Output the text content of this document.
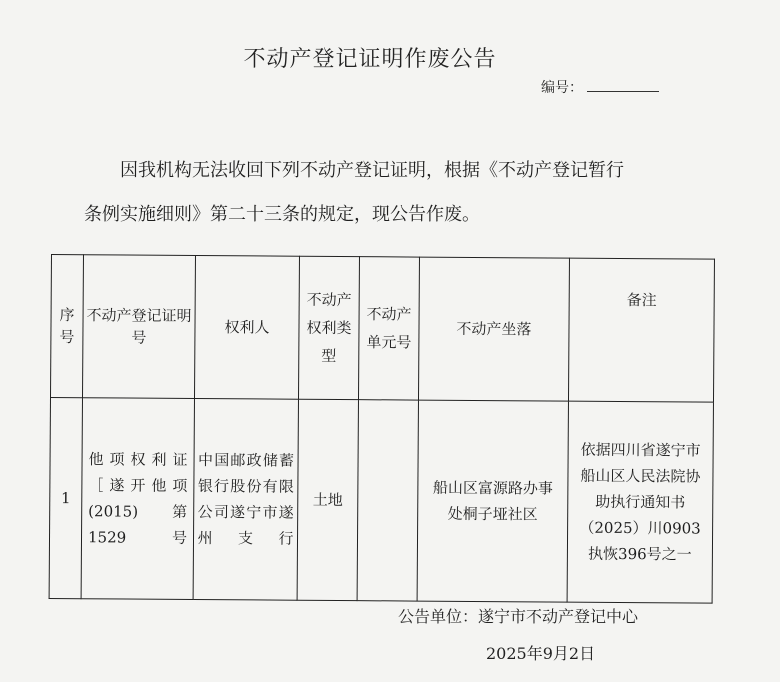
不动产登记证明作废公告
编号：
因我机构无法收回下列不动产登记证明，根据《不动产登记暂行
条例实施细则》第二十三条的规定，现公告作废。
序号	不动产登记证明号	权利人	不动产权利类型	不动产单元号	不动产坐落	备注
1	他项权利证［遂开他项(2015) 第1529号	中国邮政储蓄银行股份有限公司遂宁市遂州支行	土地		船山区富源路办事处桐子垭社区	依据四川省遂宁市船山区人民法院协助执行通知书（2025）川0903执恢396号之一
公告单位：遂宁市不动产登记中心
2025年9月2日
